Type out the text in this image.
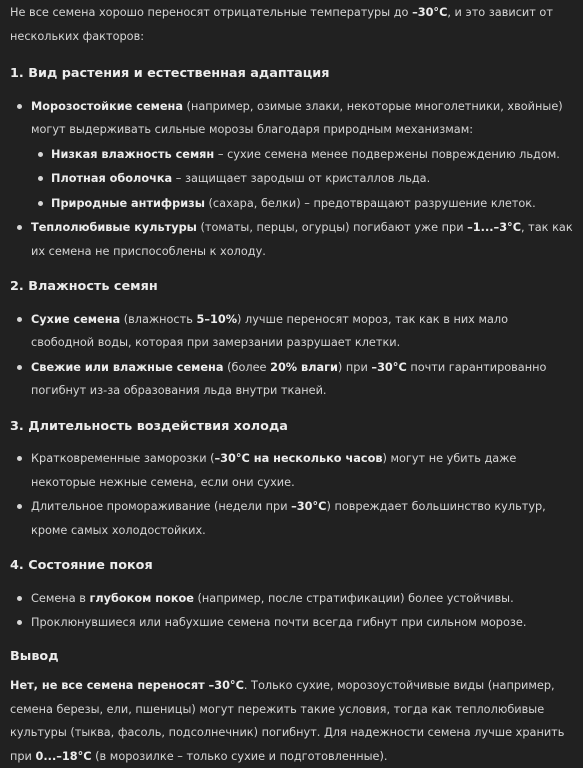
Не все семена хорошо переносят отрицательные температуры до –30°C, и это зависит от нескольких факторов:

1. Вид растения и естественная адаптация
Морозостойкие семена (например, озимые злаки, некоторые многолетники, хвойные) могут выдерживать сильные морозы благодаря природным механизмам:
Низкая влажность семян – сухие семена менее подвержены повреждению льдом.
Плотная оболочка – защищает зародыш от кристаллов льда.
Природные антифризы (сахара, белки) – предотвращают разрушение клеток.
Теплолюбивые культуры (томаты, перцы, огурцы) погибают уже при –1...–3°C, так как их семена не приспособлены к холоду.
2. Влажность семян
Сухие семена (влажность 5–10%) лучше переносят мороз, так как в них мало свободной воды, которая при замерзании разрушает клетки.
Свежие или влажные семена (более 20% влаги) при –30°C почти гарантированно погибнут из-за образования льда внутри тканей.
3. Длительность воздействия холода
Кратковременные заморозки (–30°C на несколько часов) могут не убить даже некоторые нежные семена, если они сухие.
Длительное промораживание (недели при –30°C) повреждает большинство культур, кроме самых холодостойких.
4. Состояние покоя
Семена в глубоком покое (например, после стратификации) более устойчивы.
Проклюнувшиеся или набухшие семена почти всегда гибнут при сильном морозе.
Вывод

Нет, не все семена переносят –30°C. Только сухие, морозоустойчивые виды (например, семена березы, ели, пшеницы) могут пережить такие условия, тогда как теплолюбивые культуры (тыква, фасоль, подсолнечник) погибнут. Для надежности семена лучше хранить при 0...–18°C (в морозилке – только сухие и подготовленные).
